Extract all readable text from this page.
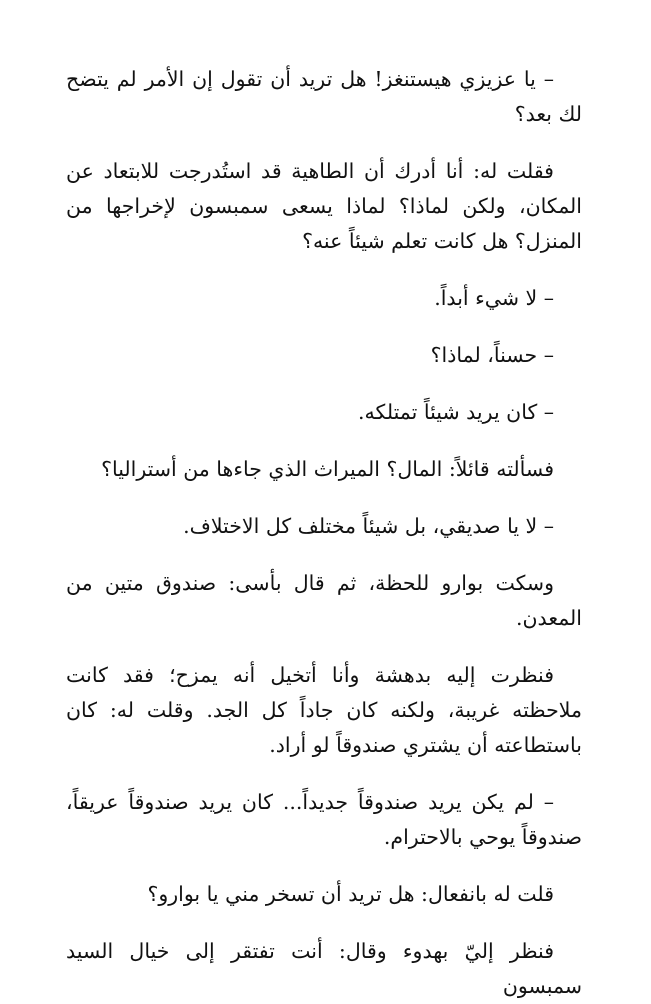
– يا عزيزي هيستنغز! هل تريد أن تقول إن الأمر لم يتضح لك بعد؟

فقلت له: أنا أدرك أن الطاهية قد استُدرجت للابتعاد عن المكان، ولكن لماذا؟ لماذا يسعى سمبسون لإخراجها من المنزل؟ هل كانت تعلم شيئاً عنه؟

– لا شيء أبداً.

– حسناً، لماذا؟

– كان يريد شيئاً تمتلكه.

فسألته قائلاً: المال؟ الميراث الذي جاءها من أستراليا؟

– لا يا صديقي، بل شيئاً مختلف كل الاختلاف.

وسكت بوارو للحظة، ثم قال بأسى: صندوق متين من المعدن.

فنظرت إليه بدهشة وأنا أتخيل أنه يمزح؛ فقد كانت ملاحظته غريبة، ولكنه كان جاداً كل الجد. وقلت له: كان باستطاعته أن يشتري صندوقاً لو أراد.

– لم يكن يريد صندوقاً جديداً... كان يريد صندوقاً عريقاً، صندوقاً يوحي بالاحترام.

قلت له بانفعال: هل تريد أن تسخر مني يا بوارو؟

فنظر إليّ بهدوء وقال: أنت تفتقر إلى خيال السيد سمبسون
